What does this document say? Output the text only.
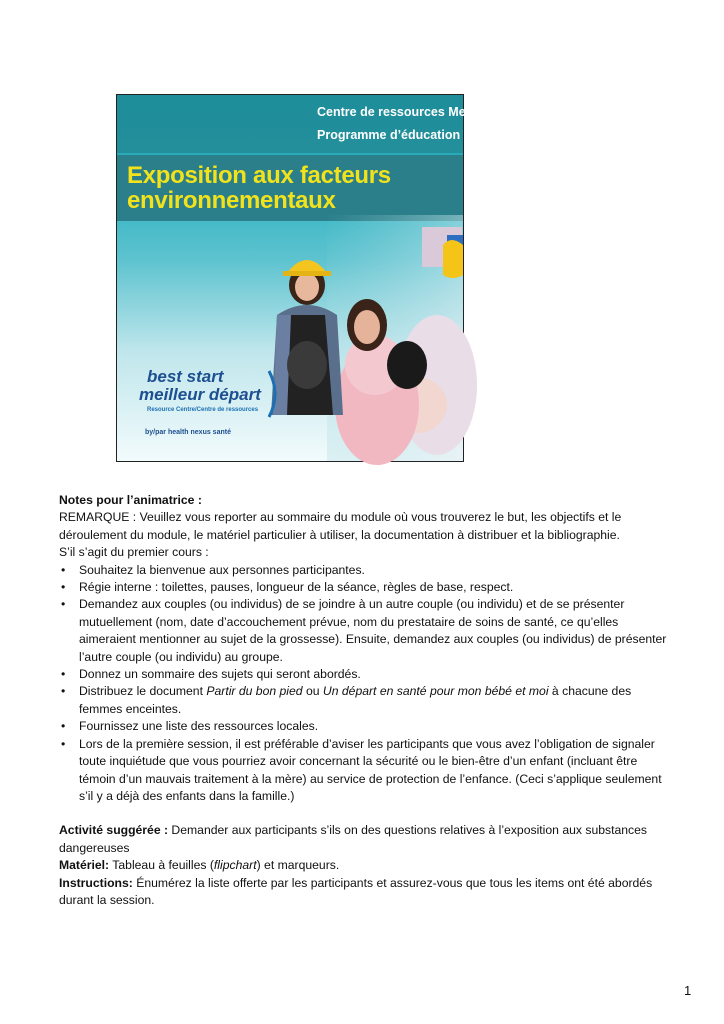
Centre de ressources Meilleur départ –
Programme d’éducation prénatale
Exposition aux facteurs
environnementaux
best start
meilleur départ
Resource Centre/Centre de ressources
by/par health nexus santé

Notes pour l’animatrice :

REMARQUE : Veuillez vous reporter au sommaire du module où vous trouverez le but, les objectifs et le déroulement du module, le matériel particulier à utiliser, la documentation à distribuer et la bibliographie.

S’il s’agit du premier cours :

• Souhaitez la bienvenue aux personnes participantes.
• Régie interne : toilettes, pauses, longueur de la séance, règles de base, respect.
• Demandez aux couples (ou individus) de se joindre à un autre couple (ou individu) et de se présenter mutuellement (nom, date d’accouchement prévue, nom du prestataire de soins de santé, ce qu’elles aimeraient mentionner au sujet de la grossesse). Ensuite, demandez aux couples (ou individus) de présenter l’autre couple (ou individu) au groupe.
• Donnez un sommaire des sujets qui seront abordés.
• Distribuez le document Partir du bon pied ou Un départ en santé pour mon bébé et moi à chacune des femmes enceintes.
• Fournissez une liste des ressources locales.
• Lors de la première session, il est préférable d’aviser les participants que vous avez l’obligation de signaler toute inquiétude que vous pourriez avoir concernant la sécurité ou le bien-être d’un enfant (incluant être témoin d’un mauvais traitement à la mère) au service de protection de l’enfance. (Ceci s’applique seulement s’il y a déjà des enfants dans la famille.)

Activité suggérée : Demander aux participants s’ils on des questions relatives à l’exposition aux substances dangereuses

Matériel: Tableau à feuilles (flipchart) et marqueurs.

Instructions: Énumérez la liste offerte par les participants et assurez-vous que tous les items ont été abordés durant la session.

1
